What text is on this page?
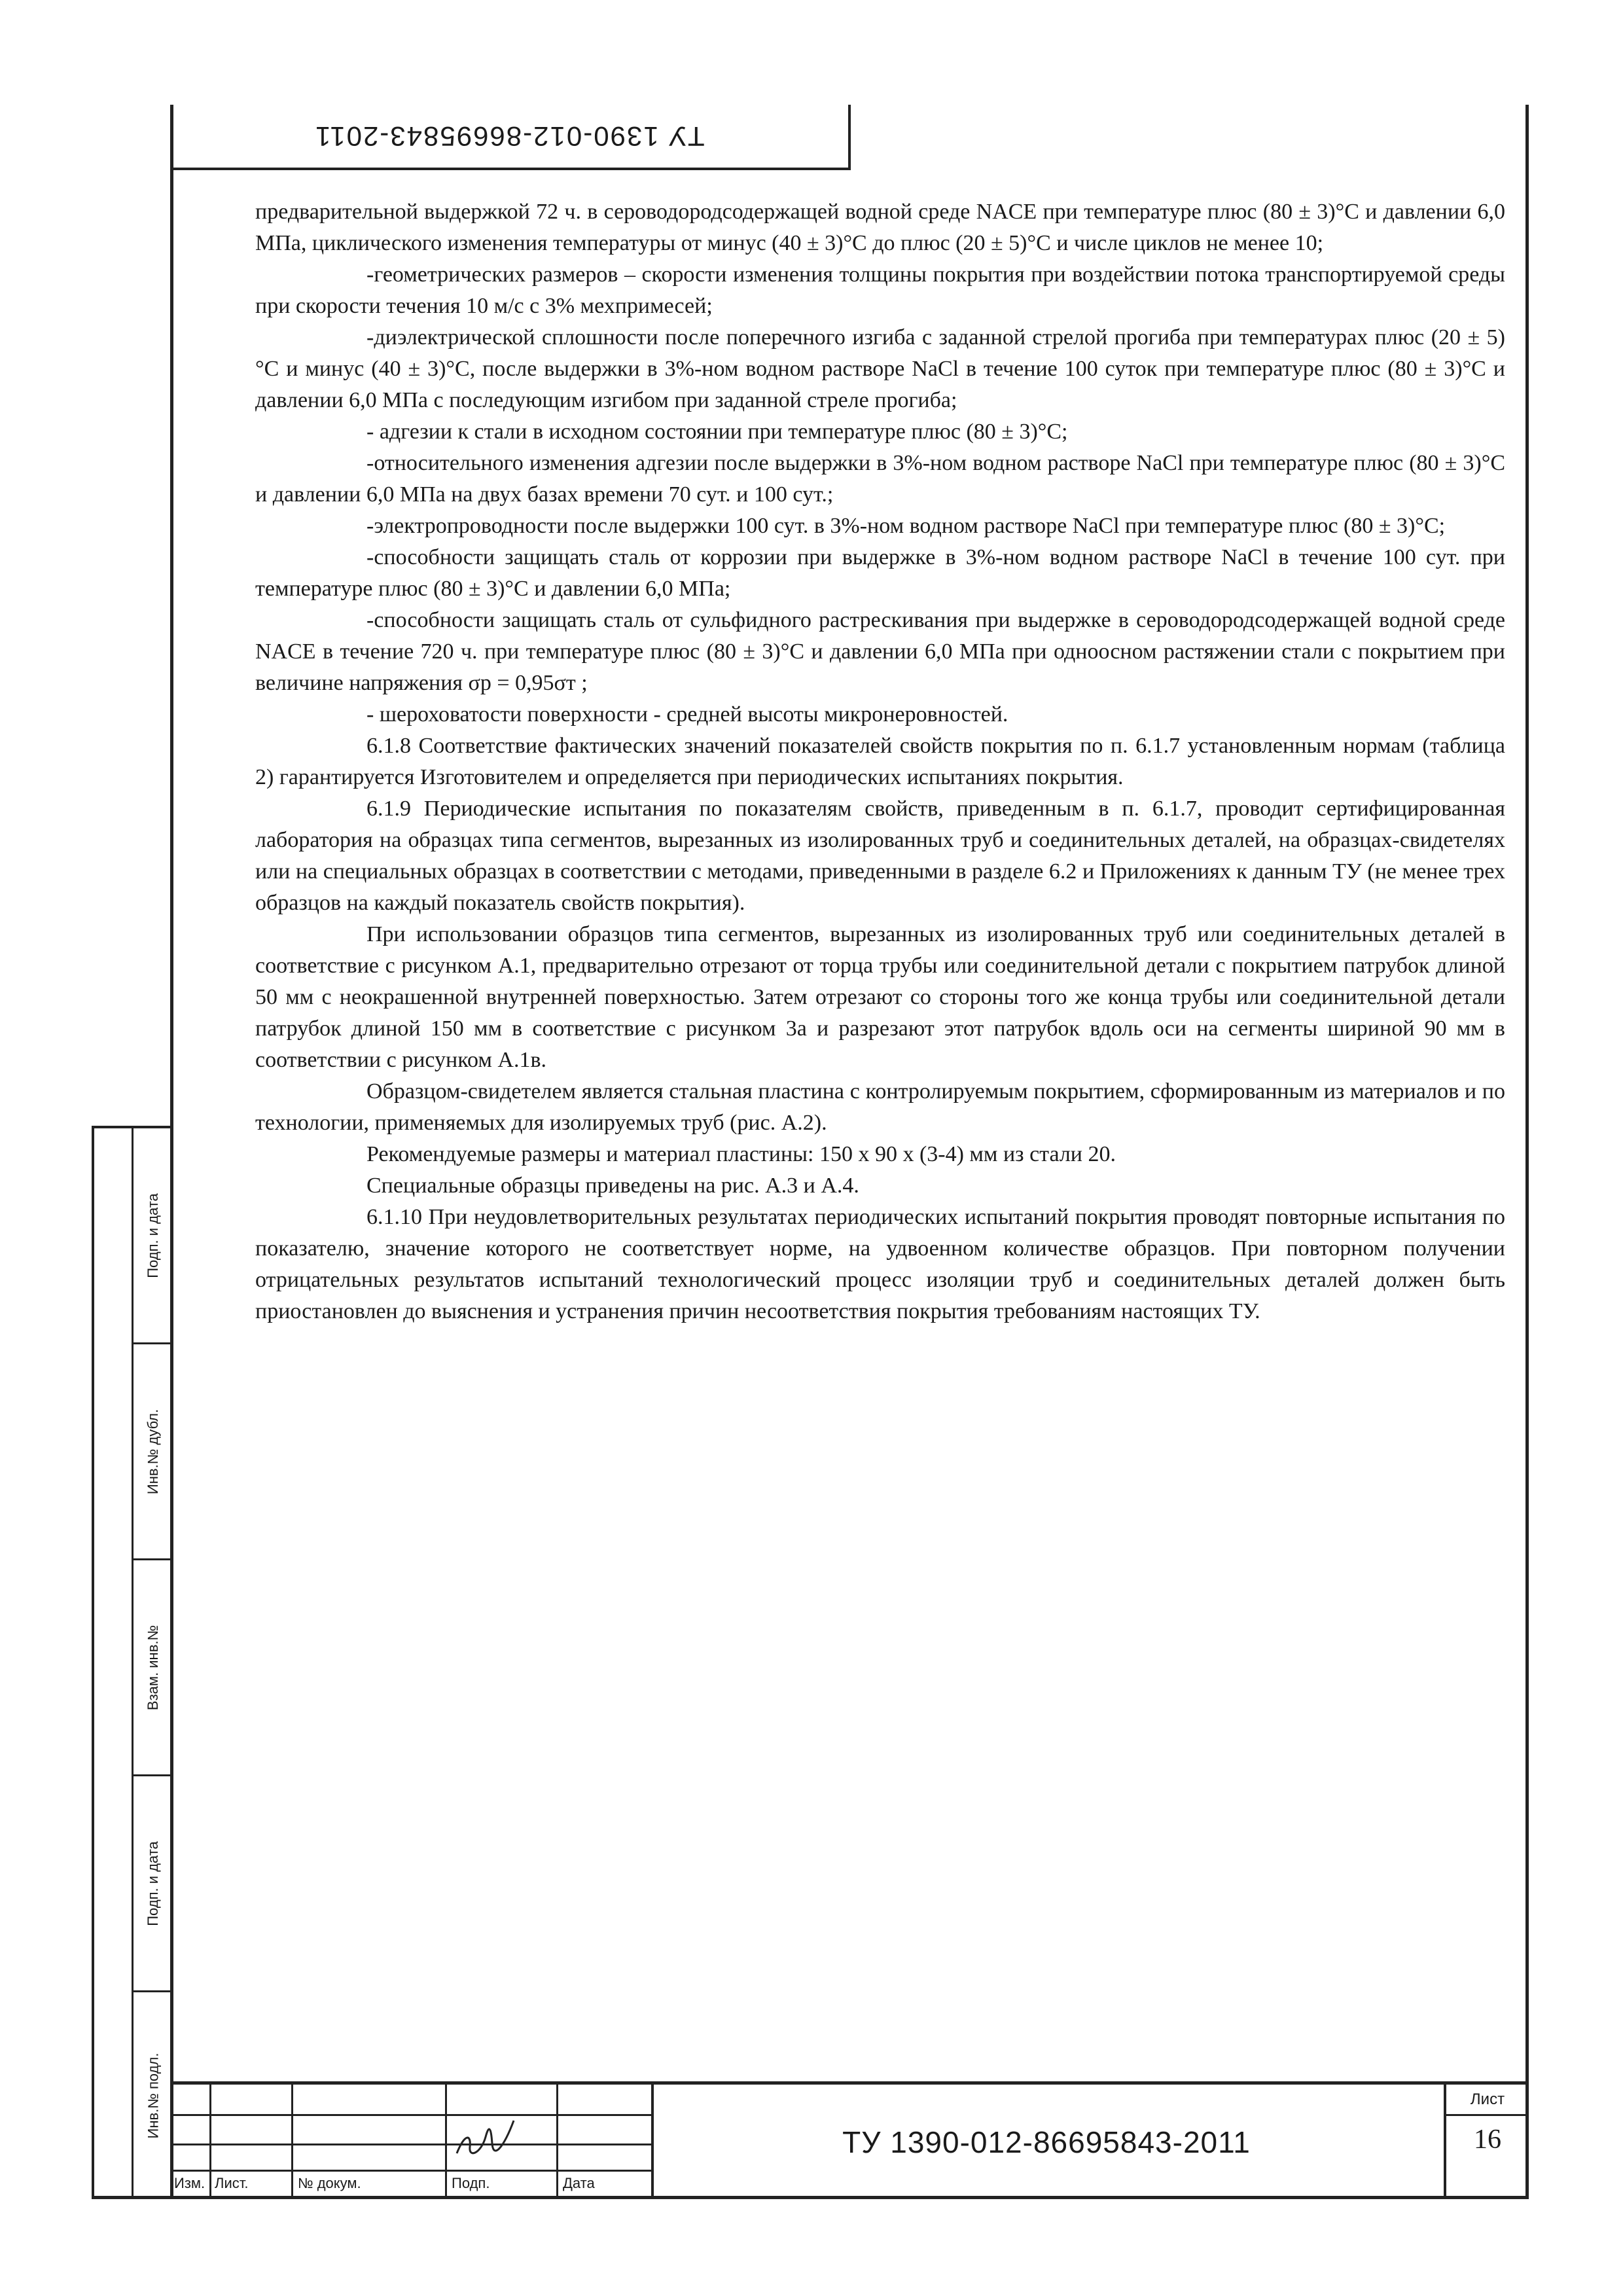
ТУ 1390-012-86695843-2011
Подп. и дата
Инв.№ дубл.
Взам. инв.№
Подп. и дата
Инв.№ подл.

предварительной выдержкой 72 ч. в сероводородсодержащей водной среде NACE при температуре плюс (80 ± 3)°С и давлении 6,0 МПа, циклического изменения температуры от минус (40 ± 3)°С до плюс (20 ± 5)°С и числе циклов не менее 10;

-геометрических размеров – скорости изменения толщины покрытия при воздействии потока транспортируемой среды при скорости течения 10 м/с с 3% мехпримесей;

-диэлектрической сплошности после поперечного изгиба с заданной стрелой прогиба при температурах плюс (20 ± 5)°С и минус (40 ± 3)°С, после выдержки в 3%-ном водном растворе NaCl в течение 100 суток при температуре плюс (80 ± 3)°С и давлении 6,0 МПа с последующим изгибом при заданной стреле прогиба;

- адгезии к стали в исходном состоянии при температуре плюс (80 ± 3)°С;

-относительного изменения адгезии после выдержки в 3%-ном водном растворе NaCl при температуре плюс (80 ± 3)°С и давлении 6,0 МПа на двух базах времени 70 сут. и 100 сут.;

-электропроводности после выдержки 100 сут. в 3%-ном водном растворе NaCl при температуре плюс (80 ± 3)°С;

-способности защищать сталь от коррозии при выдержке в 3%-ном водном растворе NaCl в течение 100 сут. при температуре плюс (80 ± 3)°С и давлении 6,0 МПа;

-способности защищать сталь от сульфидного растрескивания при выдержке в сероводородсодержащей водной среде NACE в течение 720 ч. при температуре плюс (80 ± 3)°С и давлении 6,0 МПа при одноосном растяжении стали с покрытием при величине напряжения σр = 0,95σт ;

- шероховатости поверхности - средней высоты микронеровностей.

6.1.8 Соответствие фактических значений показателей свойств покрытия по п. 6.1.7 установленным нормам (таблица 2) гарантируется Изготовителем и определяется при периодических испытаниях покрытия.

6.1.9 Периодические испытания по показателям свойств, приведенным в п. 6.1.7, проводит сертифицированная лаборатория на образцах типа сегментов, вырезанных из изолированных труб и соединительных деталей, на образцах-свидетелях или на специальных образцах в соответствии с методами, приведенными в разделе 6.2 и Приложениях к данным ТУ (не менее трех образцов на каждый показатель свойств покрытия).

При использовании образцов типа сегментов, вырезанных из изолированных труб или соединительных деталей в соответствие с рисунком А.1, предварительно отрезают от торца трубы или соединительной детали с покрытием патрубок длиной 50 мм с неокрашенной внутренней поверхностью. Затем отрезают со стороны того же конца трубы или соединительной детали патрубок длиной 150 мм в соответствие с рисунком 3а и разрезают этот патрубок вдоль оси на сегменты шириной 90 мм в соответствии с рисунком А.1в.

Образцом-свидетелем является стальная пластина с контролируемым покрытием, сформированным из материалов и по технологии, применяемых для изолируемых труб (рис. А.2).

Рекомендуемые размеры и материал пластины: 150 х 90 х (3-4) мм из стали 20.

Специальные образцы приведены на рис. А.3 и А.4.

6.1.10 При неудовлетворительных результатах периодических испытаний покрытия проводят повторные испытания по показателю, значение которого не соответствует норме, на удвоенном количестве образцов. При повторном получении отрицательных результатов испытаний технологический процесс изоляции труб и соединительных деталей должен быть приостановлен до выяснения и устранения причин несоответствия покрытия требованиям настоящих ТУ.

Изм. Лист.	№ докум.	Подп.	Дата
ТУ 1390-012-86695843-2011
Лист
16
